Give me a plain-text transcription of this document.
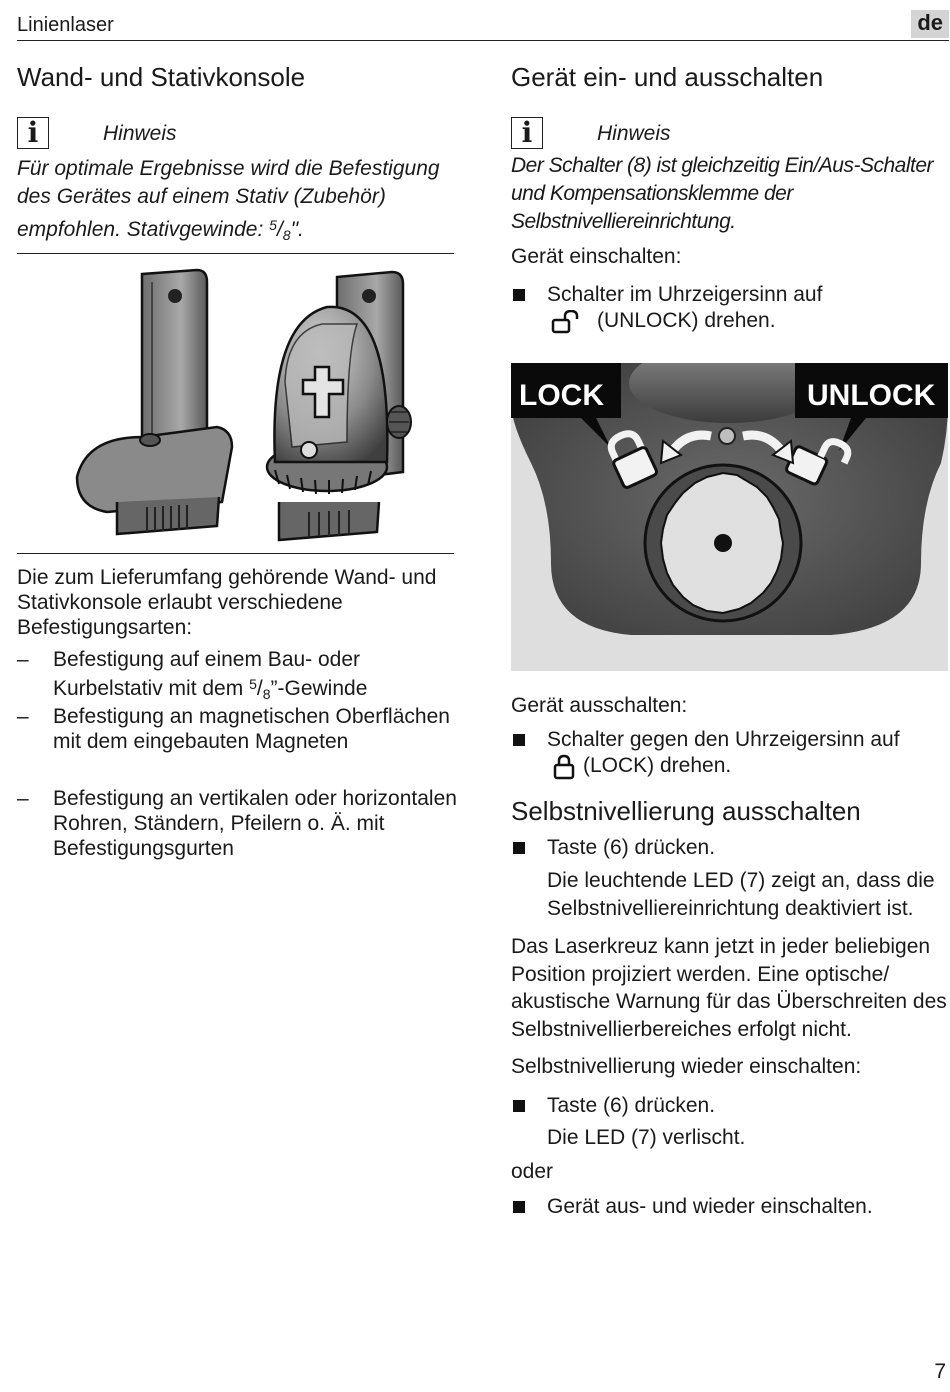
Linienlaser	de
Wand- und Stativkonsole
i	Hinweis
Für optimale Ergebnisse wird die Befestigung des Gerätes auf einem Stativ (Zubehör) empfohlen. Stativgewinde: $^5$/8".
Die zum Lieferumfang gehörende Wand- und Stativkonsole erlaubt verschiedene Befestigungsarten:
– Befestigung auf einem Bau- oder Kurbelstativ mit dem $^5$/8”-Gewinde
– Befestigung an magnetischen Oberflächen mit dem eingebauten Magneten
– Befestigung an vertikalen oder horizontalen Rohren, Ständern, Pfeilern o. Ä. mit Befestigungsgurten
Gerät ein- und ausschalten
i	Hinweis
Der Schalter (8) ist gleichzeitig Ein/Aus-Schalter und Kompensationsklemme der Selbstnivelliereinrichtung.
Gerät einschalten:
Schalter im Uhrzeigersinn auf
(UNLOCK) drehen.
LOCK	UNLOCK
Gerät ausschalten:
Schalter gegen den Uhrzeigersinn auf
(LOCK) drehen.
Selbstnivellierung ausschalten
Taste (6) drücken.
Die leuchtende LED (7) zeigt an, dass die Selbstnivelliereinrichtung deaktiviert ist.
Das Laserkreuz kann jetzt in jeder beliebigen Position projiziert werden. Eine optische/ akustische Warnung für das Überschreiten des Selbstnivellierbereiches erfolgt nicht.
Selbstnivellierung wieder einschalten:
Taste (6) drücken.
Die LED (7) verlischt.
oder
Gerät aus- und wieder einschalten.
7
